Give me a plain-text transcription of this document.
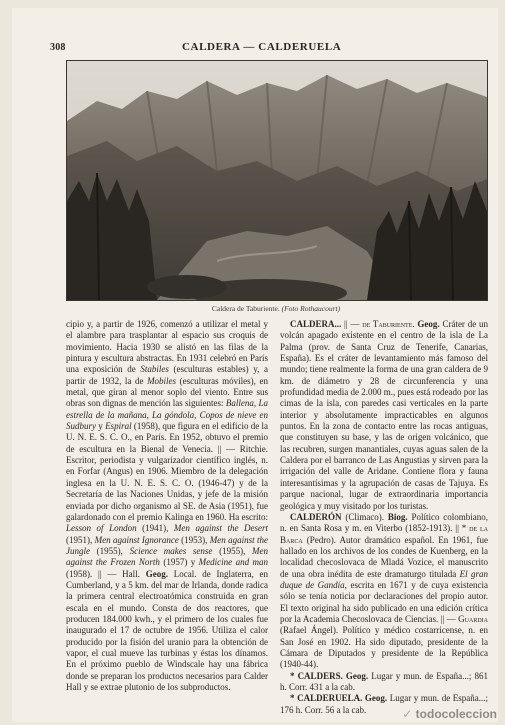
308	CALDERA — CALDERUELA
Caldera de Taburiente. (Foto Rothaucourt)

cipio y, a partir de 1926, comenzó a utilizar el metal y el alambre para trasplantar al espacio sus croquis de movimiento. Hacia 1930 se alistó en las filas de la pintura y escultura abstractas. En 1931 celebró en París una exposición de Stabiles (esculturas estables) y, a partir de 1932, la de Mobiles (esculturas móviles), en metal, que giran al menor soplo del viento. Entre sus obras son dignas de mención las siguientes: Ballena, La estrella de la mañana, La góndola, Copos de nieve en Sudbury y Espiral (1958), que figura en el edificio de la U. N. E. S. C. O., en París. En 1952, obtuvo el premio de escultura en la Bienal de Venecia. || — Ritchie. Escritor, periodista y vulgarizador científico inglés, n. en Forfar (Angus) en 1906. Miembro de la delegación inglesa en la U. N. E. S. C. O. (1946-47) y de la Secretaría de las Naciones Unidas, y jefe de la misión enviada por dicho organismo al SE. de Asia (1951), fue galardonado con el premio Kalinga en 1960. Ha escrito: Lesson of London (1941), Men against the Desert (1951), Men against Ignorance (1953), Men against the Jungle (1955), Science makes sense (1955), Men against the Frozen North (1957) y Medicine and man (1958). || — Hall. Geog. Local. de Inglaterra, en Cumberland, y a 5 km. del mar de Irlanda, donde radica la primera central electroatómica construida en gran escala en el mundo. Consta de dos reactores, que producen 184.000 kwh., y el primero de los cuales fue inaugurado el 17 de octubre de 1956. Utiliza el calor producido por la fisión del uranio para la obtención de vapor, el cual mueve las turbinas y éstas los dínamos. En el próximo pueblo de Windscale hay una fábrica donde se preparan los productos necesarios para Calder Hall y se extrae plutonio de los subproductos.

CALDERA... || — de Taburiente. Geog. Cráter de un volcán apagado existente en el centro de la isla de La Palma (prov. de Santa Cruz de Tenerife, Canarias, España). Es el cráter de levantamiento más famoso del mundo; tiene realmente la forma de una gran caldera de 9 km. de diámetro y 28 de circunferencia y una profundidad media de 2.000 m., pues está rodeado por las cimas de la isla, con paredes casi verticales en la parte interior y absolutamente impracticables en algunos puntos. En la zona de contacto entre las rocas antiguas, que constituyen su base, y las de origen volcánico, que las recubren, surgen manantiales, cuyas aguas salen de la Caldera por el barranco de Las Angustias y sirven para la irrigación del valle de Aridane. Contiene flora y fauna interesantísimas y la agrupación de casas de Tajuya. Es parque nacional, lugar de extraordinaria importancia geológica y muy visitado por los turistas.

CALDERÓN (Climaco). Biog. Político colombiano, n. en Santa Rosa y m. en Viterbo (1852-1913). || * de la Barca (Pedro). Autor dramático español. En 1961, fue hallado en los archivos de los condes de Kuenberg, en la localidad checoslovaca de Mladá Vozice, el manuscrito de una obra inédita de este dramaturgo titulada El gran duque de Gandía, escrita en 1671 y de cuya existencia sólo se tenía noticia por declaraciones del propio autor. El texto original ha sido publicado en una edición crítica por la Academia Checoslovaca de Ciencias. || — Guardia (Rafael Ángel). Político y médico costarricense, n. en San José en 1902. Ha sido diputado, presidente de la Cámara de Diputados y presidente de la República (1940-44).

* CALDERS. Geog. Lugar y mun. de España...; 861 h. Corr. 431 a la cab.

* CALDERUELA. Geog. Lugar y mun. de España...; 176 h. Corr. 56 a la cab.	✓ todocoleccion
